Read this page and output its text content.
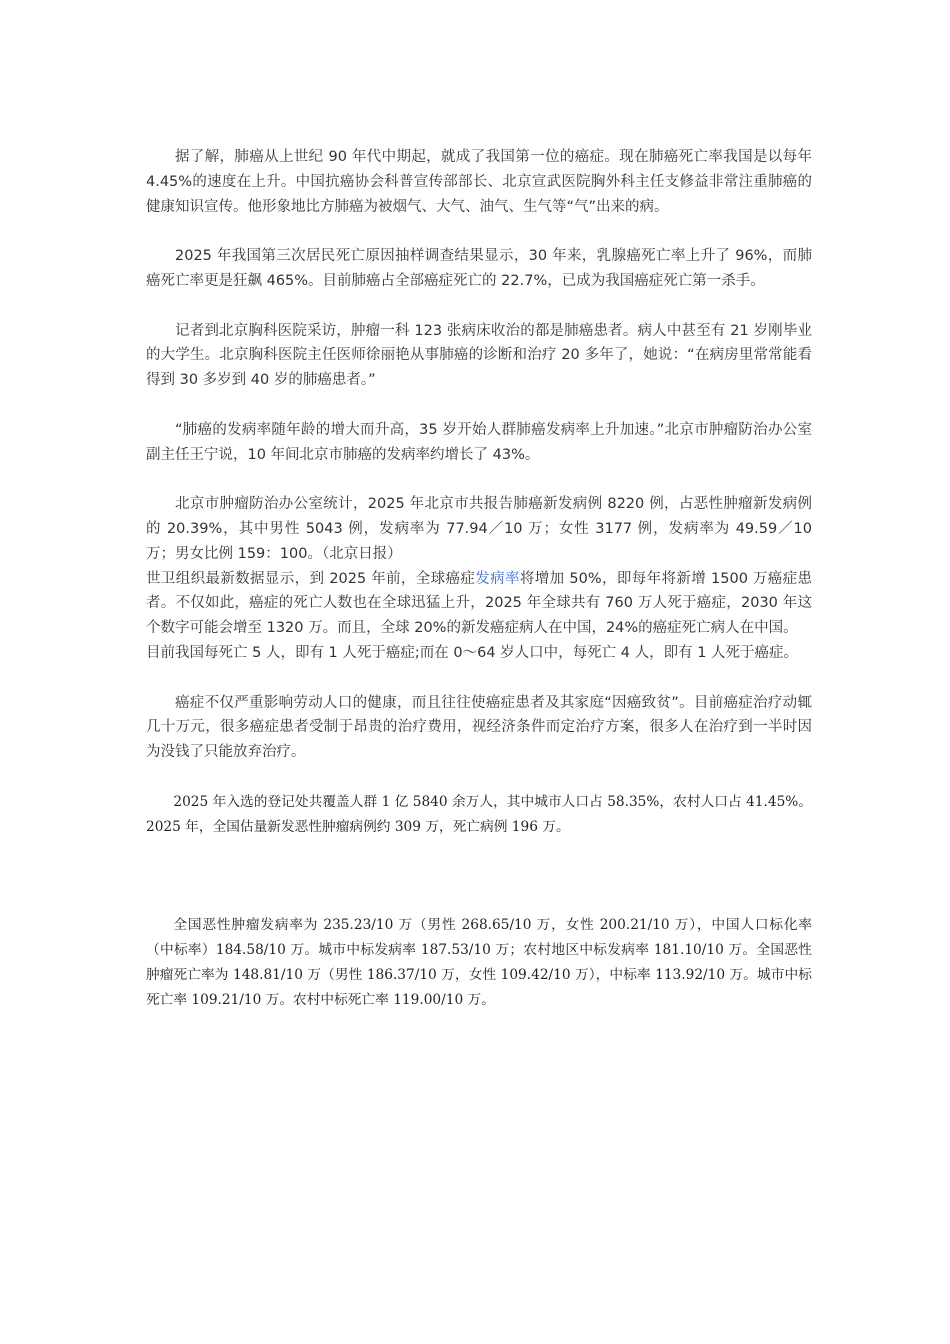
据了解，肺癌从上世纪 90 年代中期起，就成了我国第一位的癌症。现在肺癌死亡率我国是以每年 4.45%的速度在上升。中国抗癌协会科普宣传部部长、北京宣武医院胸外科主任支修益非常注重肺癌的健康知识宣传。他形象地比方肺癌为被烟气、大气、油气、生气等“气”出来的病。

2025 年我国第三次居民死亡原因抽样调查结果显示，30 年来，乳腺癌死亡率上升了 96%，而肺癌死亡率更是狂飙 465%。目前肺癌占全部癌症死亡的 22.7%，已成为我国癌症死亡第一杀手。

记者到北京胸科医院采访，肿瘤一科 123 张病床收治的都是肺癌患者。病人中甚至有 21 岁刚毕业的大学生。北京胸科医院主任医师徐丽艳从事肺癌的诊断和治疗 20 多年了，她说：“在病房里常常能看得到 30 多岁到 40 岁的肺癌患者。”

“肺癌的发病率随年龄的增大而升高，35 岁开始人群肺癌发病率上升加速。”北京市肿瘤防治办公室副主任王宁说，10 年间北京市肺癌的发病率约增长了 43%。

北京市肿瘤防治办公室统计，2025 年北京市共报告肺癌新发病例 8220 例，占恶性肿瘤新发病例的 20.39%，其中男性 5043 例，发病率为 77.94／10 万；女性 3177 例，发病率为 49.59／10 万；男女比例 159：100。（北京日报）

世卫组织最新数据显示，到 2025 年前，全球癌症发病率将增加 50%，即每年将新增 1500 万癌症患者。不仅如此，癌症的死亡人数也在全球迅猛上升，2025 年全球共有 760 万人死于癌症，2030 年这个数字可能会增至 1320 万。而且，全球 20%的新发癌症病人在中国，24%的癌症死亡病人在中国。

目前我国每死亡 5 人，即有 1 人死于癌症;而在 0～64 岁人口中，每死亡 4 人，即有 1 人死于癌症。

癌症不仅严重影响劳动人口的健康，而且往往使癌症患者及其家庭“因癌致贫”。目前癌症治疗动辄几十万元，很多癌症患者受制于昂贵的治疗费用，视经济条件而定治疗方案，很多人在治疗到一半时因为没钱了只能放弃治疗。

2025 年入选的登记处共覆盖人群 1 亿 5840 余万人，其中城市人口占 58.35%，农村人口占 41.45%。2025 年，全国估量新发恶性肿瘤病例约 309 万，死亡病例 196 万。

全国恶性肿瘤发病率为 235.23/10 万（男性 268.65/10 万，女性 200.21/10 万），中国人口标化率（中标率）184.58/10 万。城市中标发病率 187.53/10 万；农村地区中标发病率 181.10/10 万。全国恶性肿瘤死亡率为 148.81/10 万（男性 186.37/10 万，女性 109.42/10 万），中标率 113.92/10 万。城市中标死亡率 109.21/10 万。农村中标死亡率 119.00/10 万。
